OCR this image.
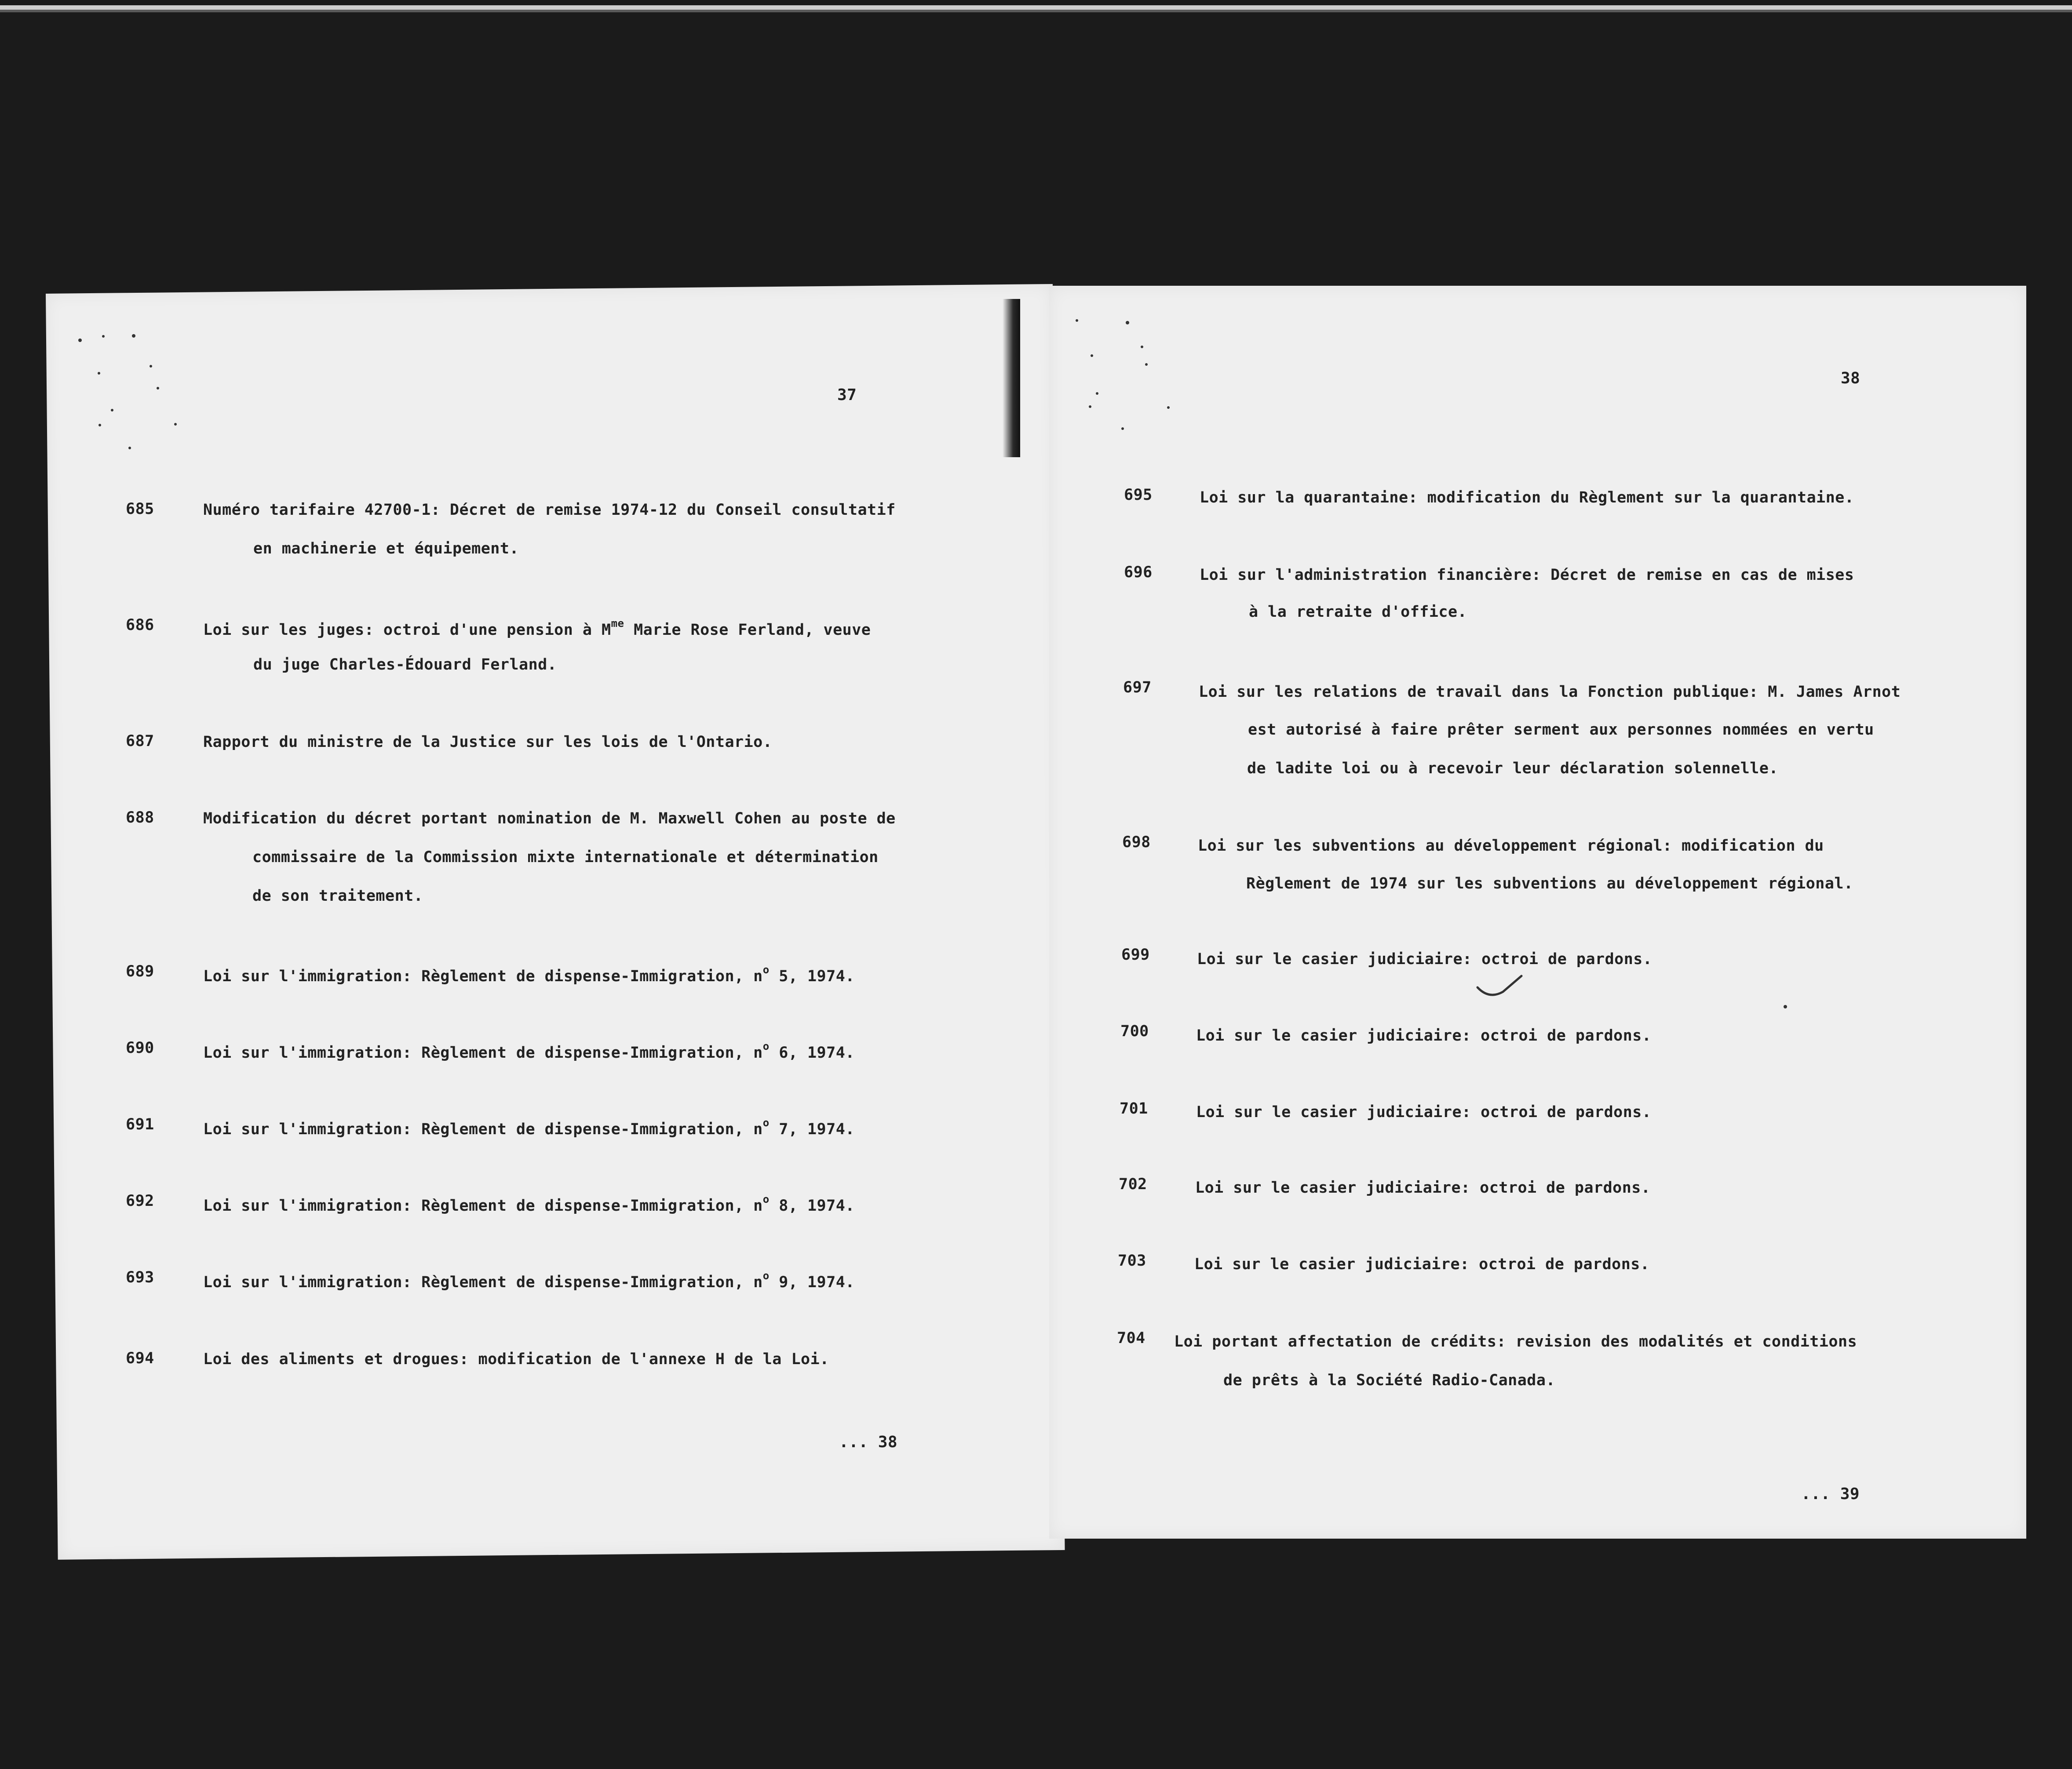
37
685	Numéro tarifaire 42700-1: Décret de remise 1974-12 du Conseil consultatif
en machinerie et équipement.
686	Loi sur les juges: octroi d'une pension à $M^{me}$ Marie Rose Ferland, veuve
du juge Charles-Édouard Ferland.
687	Rapport du ministre de la Justice sur les lois de l'Ontario.
688	Modification du décret portant nomination de M. Maxwell Cohen au poste de
commissaire de la Commission mixte internationale et détermination
de son traitement.
689	Loi sur l'immigration: Règlement de dispense-Immigration, $n^o$ 5, 1974.
690	Loi sur l'immigration: Règlement de dispense-Immigration, $n^o$ 6, 1974.
691	Loi sur l'immigration: Règlement de dispense-Immigration, $n^o$ 7, 1974.
692	Loi sur l'immigration: Règlement de dispense-Immigration, $n^o$ 8, 1974.
693	Loi sur l'immigration: Règlement de dispense-Immigration, $n^o$ 9, 1974.
694	Loi des aliments et drogues: modification de l'annexe H de la Loi.
... 38
38
695	Loi sur la quarantaine: modification du Règlement sur la quarantaine.
696	Loi sur l'administration financière: Décret de remise en cas de mises
à la retraite d'office.
697	Loi sur les relations de travail dans la Fonction publique: M. James Arnot
est autorisé à faire prêter serment aux personnes nommées en vertu
de ladite loi ou à recevoir leur déclaration solennelle.
698	Loi sur les subventions au développement régional: modification du
Règlement de 1974 sur les subventions au développement régional.
699	Loi sur le casier judiciaire: octroi de pardons.
700	Loi sur le casier judiciaire: octroi de pardons.
701	Loi sur le casier judiciaire: octroi de pardons.
702	Loi sur le casier judiciaire: octroi de pardons.
703	Loi sur le casier judiciaire: octroi de pardons.
704 Loi portant affectation de crédits: revision des modalités et conditions
de prêts à la Société Radio-Canada.
... 39
